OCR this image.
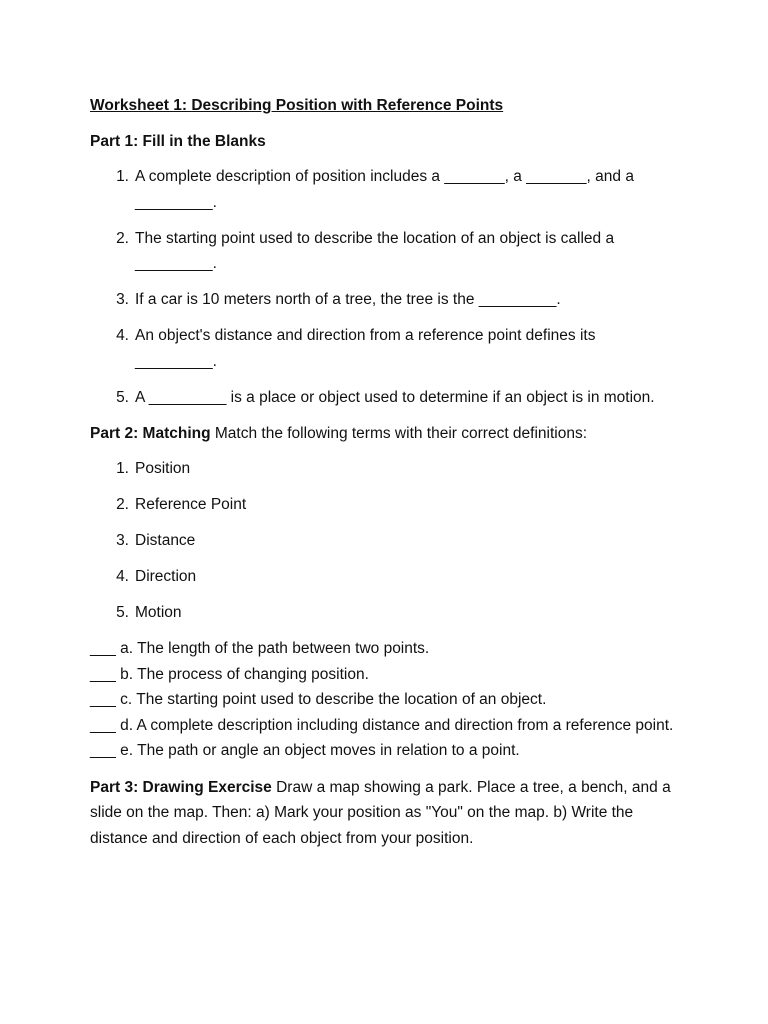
Worksheet 1: Describing Position with Reference Points

Part 1: Fill in the Blanks

1. A complete description of position includes a _______, a _______, and a _________.
2. The starting point used to describe the location of an object is called a _________.
3. If a car is 10 meters north of a tree, the tree is the _________.
4. An object's distance and direction from a reference point defines its _________.
5. A _________ is a place or object used to determine if an object is in motion.

Part 2: Matching Match the following terms with their correct definitions:

1. Position
2. Reference Point
3. Distance
4. Direction
5. Motion

___ a. The length of the path between two points.

___ b. The process of changing position.

___ c. The starting point used to describe the location of an object.

___ d. A complete description including distance and direction from a reference point.

___ e. The path or angle an object moves in relation to a point.

Part 3: Drawing Exercise Draw a map showing a park. Place a tree, a bench, and a slide on the map. Then: a) Mark your position as "You" on the map. b) Write the distance and direction of each object from your position.
